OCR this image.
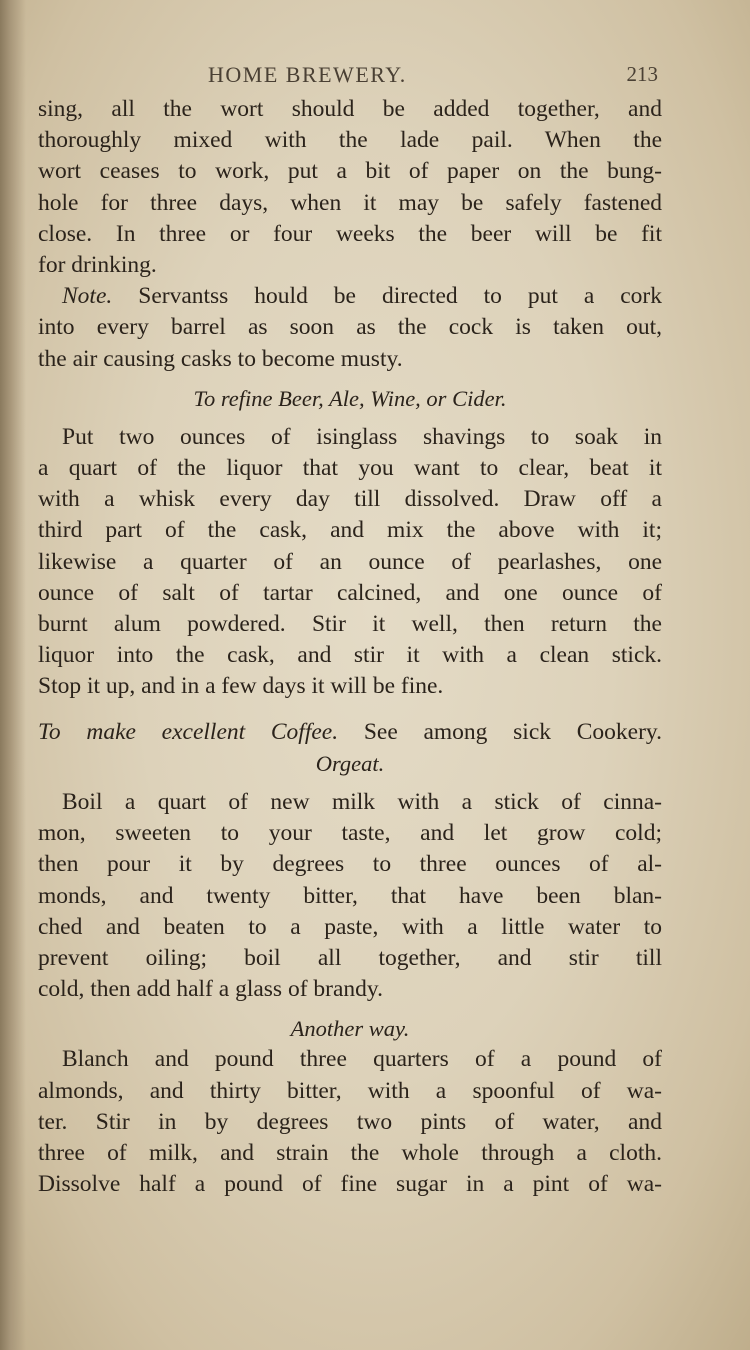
HOME BREWERY.	213
sing, all the wort should be added together, and
thoroughly mixed with the lade pail. When the
wort ceases to work, put a bit of paper on the bung-
hole for three days, when it may be safely fastened
close. In three or four weeks the beer will be fit
for drinking.
Note. Servantss hould be directed to put a cork
into every barrel as soon as the cock is taken out,
the air causing casks to become musty.
To refine Beer, Ale, Wine, or Cider.
Put two ounces of isinglass shavings to soak in
a quart of the liquor that you want to clear, beat it
with a whisk every day till dissolved. Draw off a
third part of the cask, and mix the above with it;
likewise a quarter of an ounce of pearlashes, one
ounce of salt of tartar calcined, and one ounce of
burnt alum powdered. Stir it well, then return the
liquor into the cask, and stir it with a clean stick.
Stop it up, and in a few days it will be fine.
To make excellent Coffee. See among sick Cookery.
Orgeat.
Boil a quart of new milk with a stick of cinna-
mon, sweeten to your taste, and let grow cold;
then pour it by degrees to three ounces of al-
monds, and twenty bitter, that have been blan-
ched and beaten to a paste, with a little water to
prevent oiling; boil all together, and stir till
cold, then add half a glass of brandy.
Another way.
Blanch and pound three quarters of a pound of
almonds, and thirty bitter, with a spoonful of wa-
ter. Stir in by degrees two pints of water, and
three of milk, and strain the whole through a cloth.
Dissolve half a pound of fine sugar in a pint of wa-
